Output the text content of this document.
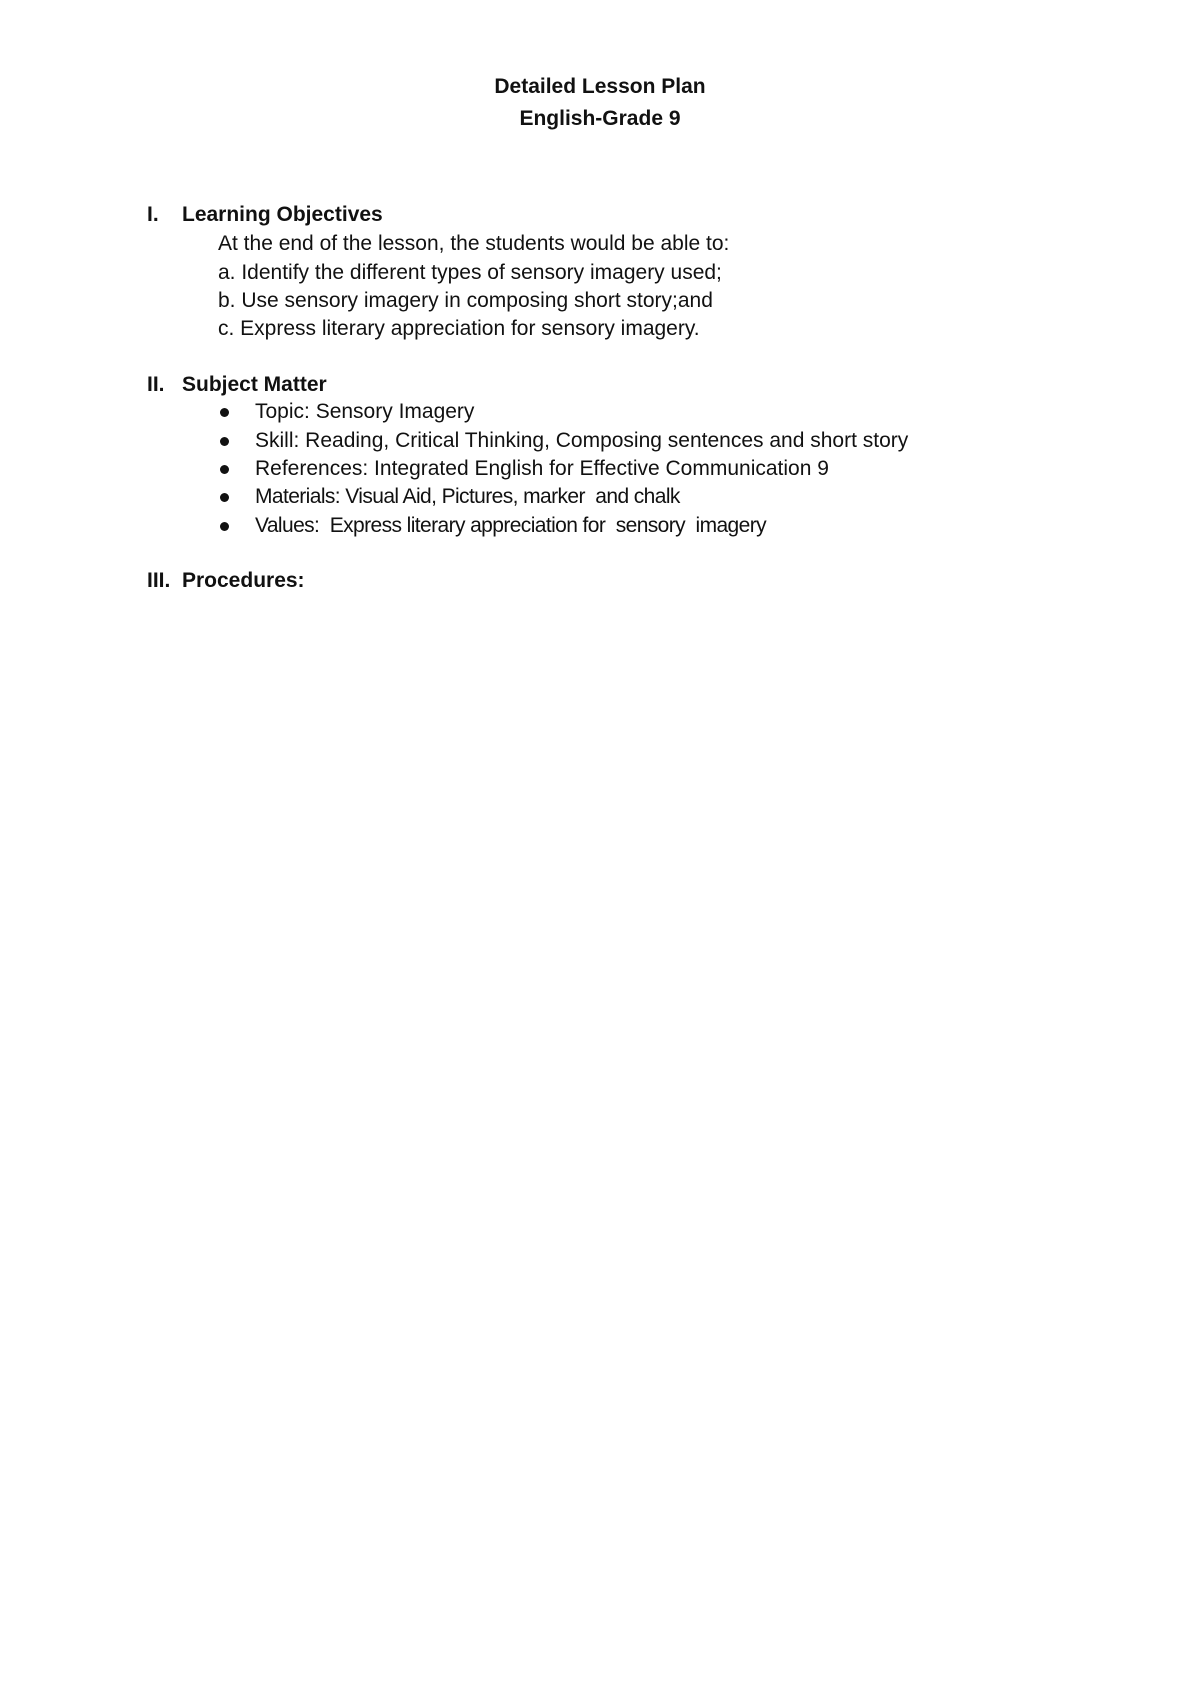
Detailed Lesson Plan
English-Grade 9
I. Learning Objectives
At the end of the lesson, the students would be able to:
a. Identify the different types of sensory imagery used;
b. Use sensory imagery in composing short story;and
c. Express literary appreciation for sensory imagery.
II. Subject Matter
Topic: Sensory Imagery
Skill: Reading, Critical Thinking, Composing sentences and short story
References: Integrated English for Effective Communication 9
Materials: Visual Aid, Pictures, marker  and chalk
Values:  Express literary appreciation for  sensory  imagery
III. Procedures:
